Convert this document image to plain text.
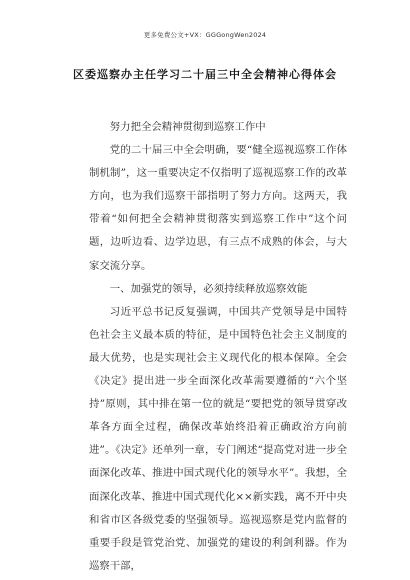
更多免费公文+VX：GGGongWen2024
区委巡察办主任学习二十届三中全会精神心得体会

努力把全会精神贯彻到巡察工作中

党的二十届三中全会明确，要“健全巡视巡察工作体制机制”，这一重要决定不仅指明了巡视巡察工作的改革方向，也为我们巡察干部指明了努力方向。这两天，我带着“如何把全会精神贯彻落实到巡察工作中”这个问题，边听边看、边学边思，有三点不成熟的体会，与大家交流分享。

一、加强党的领导，必须持续释放巡察效能

习近平总书记反复强调，中国共产党领导是中国特色社会主义最本质的特征，是中国特色社会主义制度的最大优势，也是实现社会主义现代化的根本保障。全会《决定》提出进一步全面深化改革需要遵循的“六个坚持”原则，其中排在第一位的就是“要把党的领导贯穿改革各方面全过程，确保改革始终沿着正确政治方向前进”。《决定》还单列一章，专门阐述“提高党对进一步全面深化改革、推进中国式现代化的领导水平”。我想，全面深化改革、推进中国式现代化××新实践，离不开中央和省市区各级党委的坚强领导。巡视巡察是党内监督的重要手段是管党治党、加强党的建设的利剑利器。作为巡察干部，
